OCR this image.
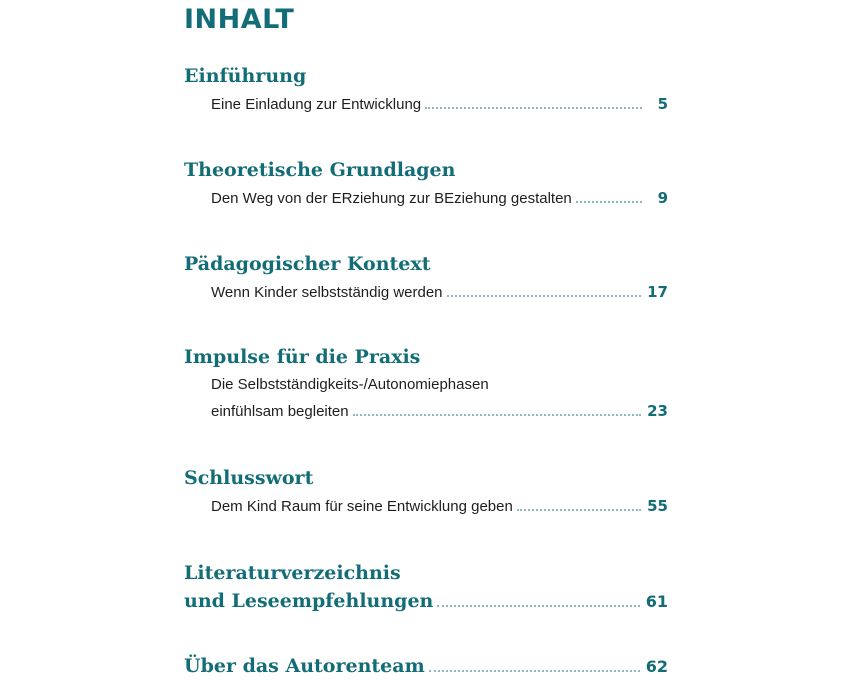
INHALT
Einführung
Eine Einladung zur Entwicklung	5
Theoretische Grundlagen
Den Weg von der ERziehung zur BEziehung gestalten	9
Pädagogischer Kontext
Wenn Kinder selbstständig werden	17
Impulse für die Praxis
Die Selbstständigkeits-/Autonomiephasen
einfühlsam begleiten	23
Schlusswort
Dem Kind Raum für seine Entwicklung geben	55
Literaturverzeichnis
und Leseempfehlungen	61
Über das Autorenteam	62
